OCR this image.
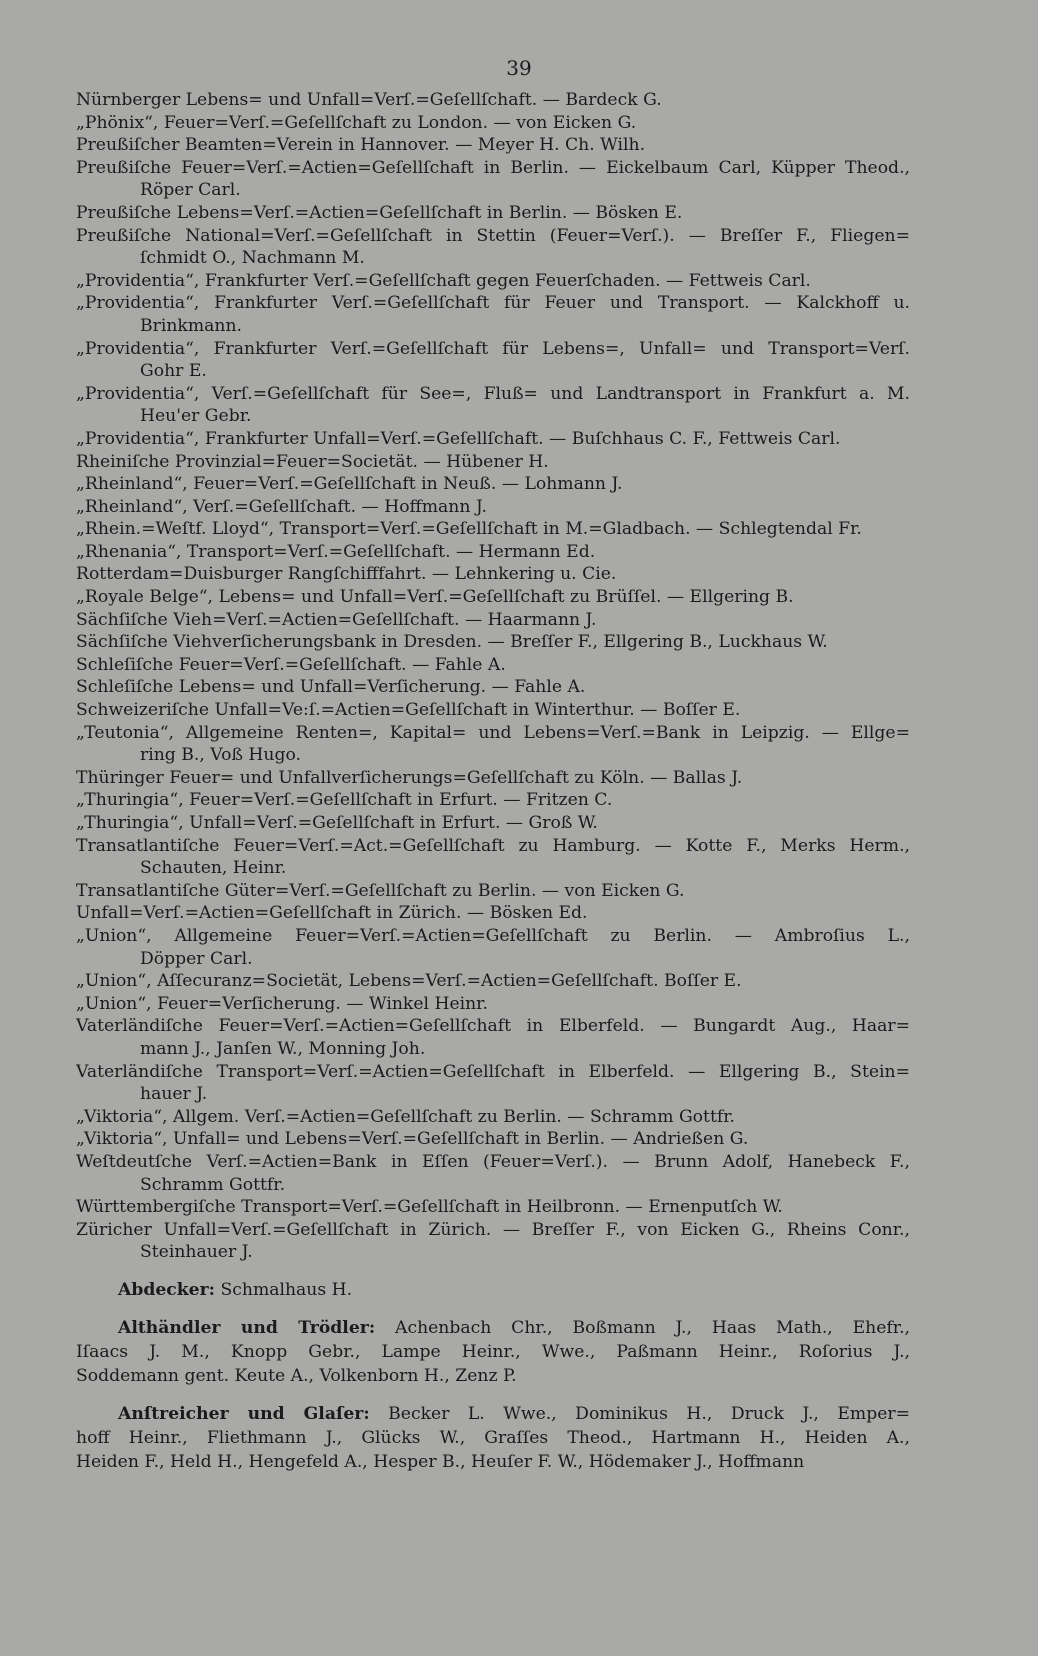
39
Nürnberger Lebens= und Unfall=Verſ.=Geſellſchaft. — Bardeck G.
„Phönix“, Feuer=Verſ.=Geſellſchaft zu London. — von Eicken G.
Preußiſcher Beamten=Verein in Hannover. — Meyer H. Ch. Wilh.
Preußiſche Feuer=Verſ.=Actien=Geſellſchaft in Berlin. — Eickelbaum Carl, Küpper Theod.,
Röper Carl.
Preußiſche Lebens=Verſ.=Actien=Geſellſchaft in Berlin. — Bösken E.
Preußiſche National=Verſ.=Geſellſchaft in Stettin (Feuer=Verſ.). — Breſſer F., Fliegen=
ſchmidt O., Nachmann M.
„Providentia“, Frankfurter Verſ.=Geſellſchaft gegen Feuerſchaden. — Fettweis Carl.
„Providentia“, Frankfurter Verſ.=Geſellſchaft für Feuer und Transport. — Kalckhoff u.
Brinkmann.
„Providentia“, Frankfurter Verſ.=Geſellſchaft für Lebens=, Unfall= und Transport=Verſ.
Gohr E.
„Providentia“, Verſ.=Geſellſchaft für See=, Fluß= und Landtransport in Frankfurt a. M.
Heu'er Gebr.
„Providentia“, Frankfurter Unfall=Verſ.=Geſellſchaft. — Buſchhaus C. F., Fettweis Carl.
Rheiniſche Provinzial=Feuer=Societät. — Hübener H.
„Rheinland“, Feuer=Verſ.=Geſellſchaft in Neuß. — Lohmann J.
„Rheinland“, Verſ.=Geſellſchaft. — Hoffmann J.
„Rhein.=Weſtf. Lloyd“, Transport=Verſ.=Geſellſchaft in M.=Gladbach. — Schlegtendal Fr.
„Rhenania“, Transport=Verſ.=Geſellſchaft. — Hermann Ed.
Rotterdam=Duisburger Rangſchifffahrt. — Lehnkering u. Cie.
„Royale Belge“, Lebens= und Unfall=Verſ.=Geſellſchaft zu Brüſſel. — Ellgering B.
Sächſiſche Vieh=Verſ.=Actien=Geſellſchaft. — Haarmann J.
Sächſiſche Viehverſicherungsbank in Dresden. — Breſſer F., Ellgering B., Luckhaus W.
Schleſiſche Feuer=Verſ.=Geſellſchaft. — Fahle A.
Schleſiſche Lebens= und Unfall=Verſicherung. — Fahle A.
Schweizeriſche Unfall=Ve:ſ.=Actien=Geſellſchaft in Winterthur. — Boſſer E.
„Teutonia“, Allgemeine Renten=, Kapital= und Lebens=Verſ.=Bank in Leipzig. — Ellge=
ring B., Voß Hugo.
Thüringer Feuer= und Unfallverſicherungs=Geſellſchaft zu Köln. — Ballas J.
„Thuringia“, Feuer=Verſ.=Geſellſchaft in Erfurt. — Fritzen C.
„Thuringia“, Unfall=Verſ.=Geſellſchaft in Erfurt. — Groß W.
Transatlantiſche Feuer=Verſ.=Act.=Geſellſchaft zu Hamburg. — Kotte F., Merks Herm.,
Schauten, Heinr.
Transatlantiſche Güter=Verſ.=Geſellſchaft zu Berlin. — von Eicken G.
Unfall=Verſ.=Actien=Geſellſchaft in Zürich. — Bösken Ed.
„Union“, Allgemeine Feuer=Verſ.=Actien=Geſellſchaft zu Berlin. — Ambroſius L.,
Döpper Carl.
„Union“, Aſſecuranz=Societät, Lebens=Verſ.=Actien=Geſellſchaft. Boſſer E.
„Union“, Feuer=Verſicherung. — Winkel Heinr.
Vaterländiſche Feuer=Verſ.=Actien=Geſellſchaft in Elberfeld. — Bungardt Aug., Haar=
mann J., Janſen W., Monning Joh.
Vaterländiſche Transport=Verſ.=Actien=Geſellſchaft in Elberfeld. — Ellgering B., Stein=
hauer J.
„Viktoria“, Allgem. Verſ.=Actien=Geſellſchaft zu Berlin. — Schramm Gottfr.
„Viktoria“, Unfall= und Lebens=Verſ.=Geſellſchaft in Berlin. — Andrießen G.
Weſtdeutſche Verſ.=Actien=Bank in Eſſen (Feuer=Verſ.). — Brunn Adolf, Hanebeck F.,
Schramm Gottfr.
Württembergiſche Transport=Verſ.=Geſellſchaft in Heilbronn. — Ernenputſch W.
Züricher Unfall=Verſ.=Geſellſchaft in Zürich. — Breſſer F., von Eicken G., Rheins Conr.,
Steinhauer J.
Abdecker: Schmalhaus H.
Althändler und Trödler: Achenbach Chr., Boßmann J., Haas Math., Ehefr.,
Iſaacs J. M., Knopp Gebr., Lampe Heinr., Wwe., Paßmann Heinr., Roſorius J.,
Soddemann gent. Keute A., Volkenborn H., Zenz P.
Anſtreicher und Glaſer: Becker L. Wwe., Dominikus H., Druck J., Emper=
hoff Heinr., Fliethmann J., Glücks W., Graſſes Theod., Hartmann H., Heiden A.,
Heiden F., Held H., Hengefeld A., Hesper B., Heuſer F. W., Hödemaker J., Hoffmann
